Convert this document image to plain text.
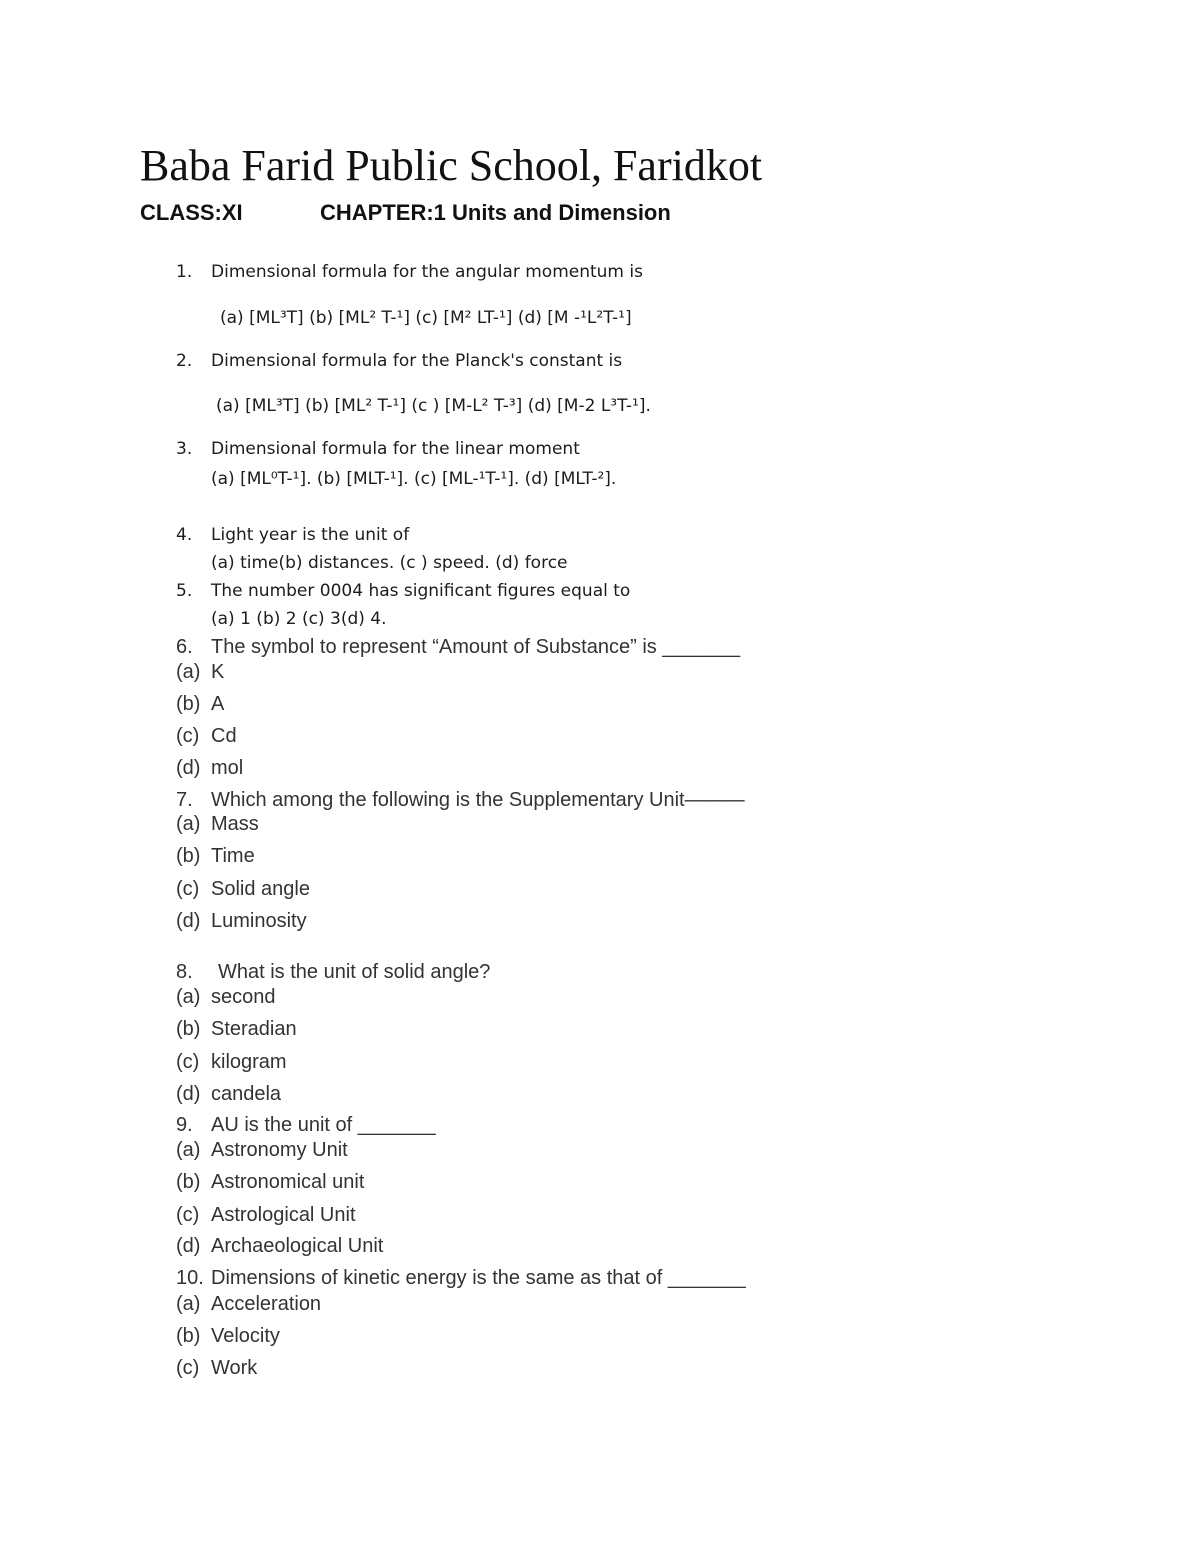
Baba Farid Public School, Faridkot
CLASS:XI	CHAPTER:1 Units and Dimension
1. Dimensional formula for the angular momentum is
(a) [ML³T] (b) [ML² T-¹] (c) [M² LT-¹] (d) [M -¹L²T-¹]
2. Dimensional formula for the Planck's constant is
(a) [ML³T] (b) [ML² T-¹] (c ) [M-L² T-³] (d) [M-2 L³T-¹].
3. Dimensional formula for the linear moment
(a) [ML⁰T-¹]. (b) [MLT-¹]. (c) [ML-¹T-¹]. (d) [MLT-²].
4. Light year is the unit of
(a) time(b) distances. (c ) speed. (d) force
5. The number 0004 has significant figures equal to
(a) 1 (b) 2 (c) 3(d) 4.
6. The symbol to represent “Amount of Substance” is _______
(a) K
(b) A
(c) Cd
(d) mol
7. Which among the following is the Supplementary Unit———
(a) Mass
(b) Time
(c) Solid angle
(d) Luminosity
8. What is the unit of solid angle?
(a) second
(b) Steradian
(c) kilogram
(d) candela
9. AU is the unit of _______
(a) Astronomy Unit
(b) Astronomical unit
(c) Astrological Unit
(d) Archaeological Unit
10. Dimensions of kinetic energy is the same as that of _______
(a) Acceleration
(b) Velocity
(c) Work
